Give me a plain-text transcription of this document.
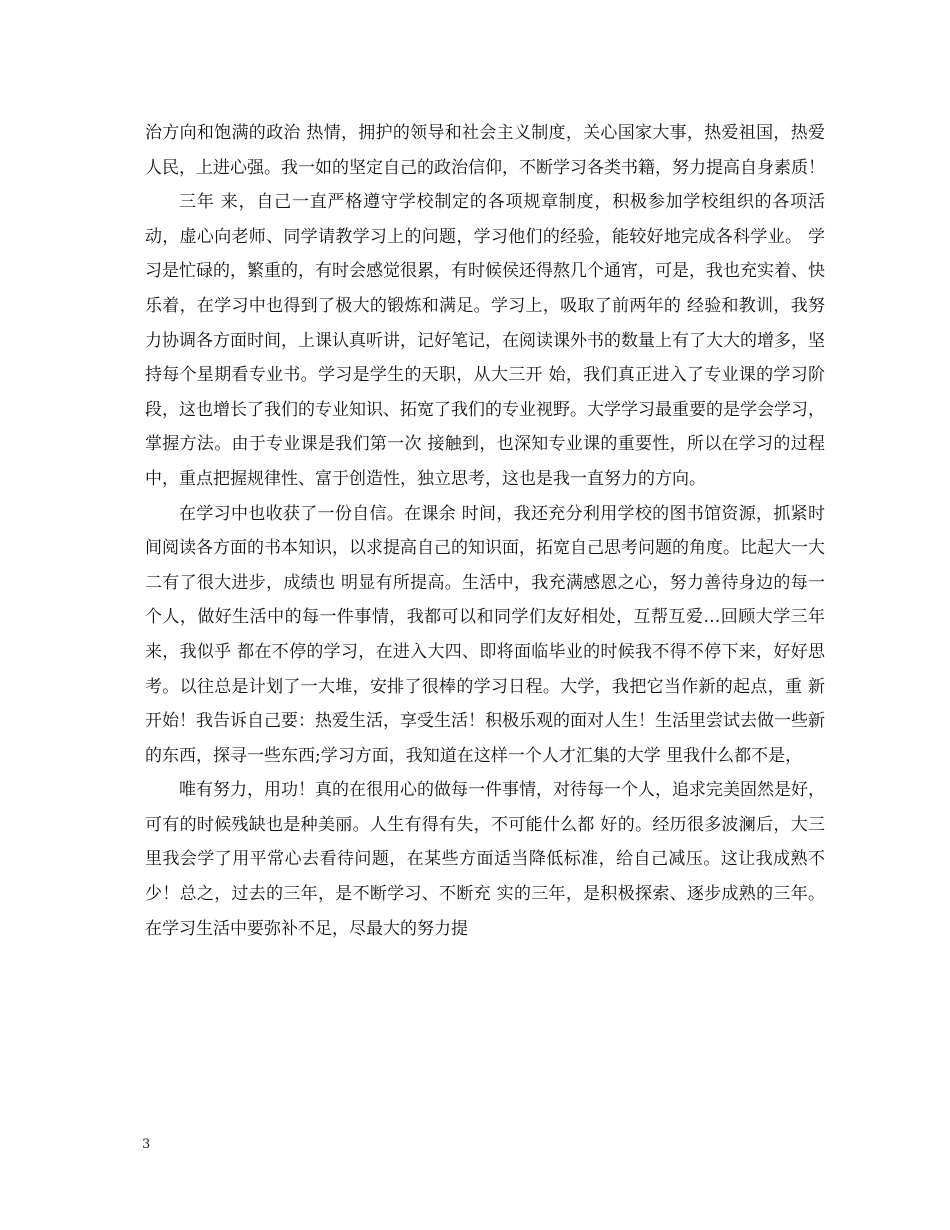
治方向和饱满的政治 热情，拥护的领导和社会主义制度，关心国家大事，热爱祖国，热爱人民，上进心强。我一如的坚定自己的政治信仰，不断学习各类书籍，努力提高自身素质！

三年 来，自己一直严格遵守学校制定的各项规章制度，积极参加学校组织的各项活动，虚心向老师、同学请教学习上的问题，学习他们的经验，能较好地完成各科学业。 学习是忙碌的，繁重的，有时会感觉很累，有时候侯还得熬几个通宵，可是，我也充实着、快乐着，在学习中也得到了极大的锻炼和满足。学习上，吸取了前两年的 经验和教训，我努力协调各方面时间，上课认真听讲，记好笔记，在阅读课外书的数量上有了大大的增多，坚持每个星期看专业书。学习是学生的天职，从大三开 始，我们真正进入了专业课的学习阶段，这也增长了我们的专业知识、拓宽了我们的专业视野。大学学习最重要的是学会学习，掌握方法。由于专业课是我们第一次 接触到，也深知专业课的重要性，所以在学习的过程中，重点把握规律性、富于创造性，独立思考，这也是我一直努力的方向。

在学习中也收获了一份自信。在课余 时间，我还充分利用学校的图书馆资源，抓紧时间阅读各方面的书本知识，以求提高自己的知识面，拓宽自己思考问题的角度。比起大一大二有了很大进步，成绩也 明显有所提高。生活中，我充满感恩之心，努力善待身边的每一个人，做好生活中的每一件事情，我都可以和同学们友好相处，互帮互爱…回顾大学三年来，我似乎 都在不停的学习，在进入大四、即将面临毕业的时候我不得不停下来，好好思考。以往总是计划了一大堆，安排了很棒的学习日程。大学，我把它当作新的起点，重 新开始！我告诉自己要：热爱生活，享受生活！积极乐观的面对人生！生活里尝试去做一些新的东西，探寻一些东西;学习方面，我知道在这样一个人才汇集的大学 里我什么都不是，

唯有努力，用功！真的在很用心的做每一件事情，对待每一个人，追求完美固然是好，可有的时候残缺也是种美丽。人生有得有失，不可能什么都 好的。经历很多波澜后，大三里我会学了用平常心去看待问题，在某些方面适当降低标准，给自己减压。这让我成熟不少！总之，过去的三年，是不断学习、不断充 实的三年，是积极探索、逐步成熟的三年。在学习生活中要弥补不足，尽最大的努力提

3
